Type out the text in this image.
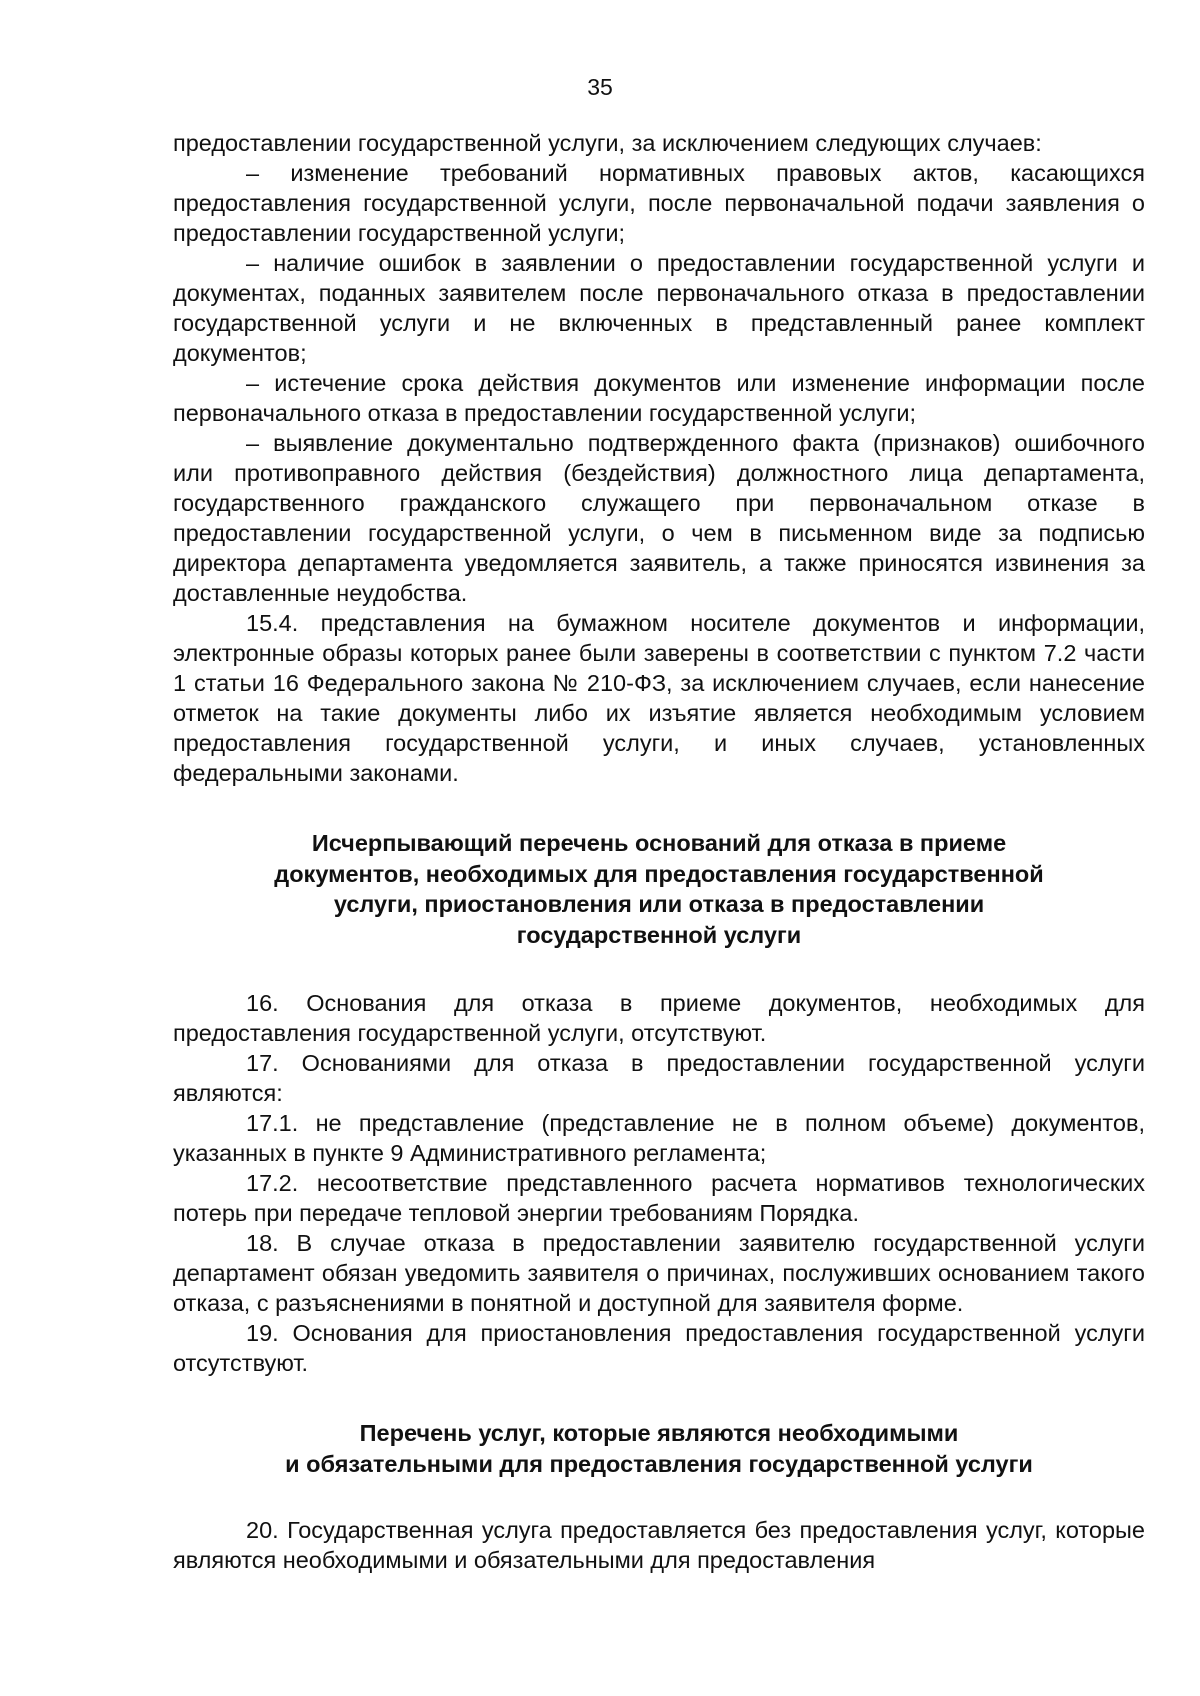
35

предоставлении государственной услуги, за исключением следующих случаев:

– изменение требований нормативных правовых актов, касающихся предоставления государственной услуги, после первоначальной подачи заявления о предоставлении государственной услуги;

– наличие ошибок в заявлении о предоставлении государственной услуги и документах, поданных заявителем после первоначального отказа в предоставлении государственной услуги и не включенных в представленный ранее комплект документов;

– истечение срока действия документов или изменение информации после первоначального отказа в предоставлении государственной услуги;

– выявление документально подтвержденного факта (признаков) ошибочного или противоправного действия (бездействия) должностного лица департамента, государственного гражданского служащего при первоначальном отказе в предоставлении государственной услуги, о чем в письменном виде за подписью директора департамента уведомляется заявитель, а также приносятся извинения за доставленные неудобства.

15.4. представления на бумажном носителе документов и информации, электронные образы которых ранее были заверены в соответствии с пунктом 7.2 части 1 статьи 16 Федерального закона № 210-ФЗ, за исключением случаев, если нанесение отметок на такие документы либо их изъятие является необходимым условием предоставления государственной услуги, и иных случаев, установленных федеральными законами.

Исчерпывающий перечень оснований для отказа в приеме
документов, необходимых для предоставления государственной
услуги, приостановления или отказа в предоставлении
государственной услуги

16. Основания для отказа в приеме документов, необходимых для предоставления государственной услуги, отсутствуют.

17. Основаниями для отказа в предоставлении государственной услуги являются:

17.1. не представление (представление не в полном объеме) документов, указанных в пункте 9 Административного регламента;

17.2. несоответствие представленного расчета нормативов технологических потерь при передаче тепловой энергии требованиям Порядка.

18. В случае отказа в предоставлении заявителю государственной услуги департамент обязан уведомить заявителя о причинах, послуживших основанием такого отказа, с разъяснениями в понятной и доступной для заявителя форме.

19. Основания для приостановления предоставления государственной услуги отсутствуют.

Перечень услуг, которые являются необходимыми
и обязательными для предоставления государственной услуги

20. Государственная услуга предоставляется без предоставления услуг, которые являются необходимыми и обязательными для предоставления
